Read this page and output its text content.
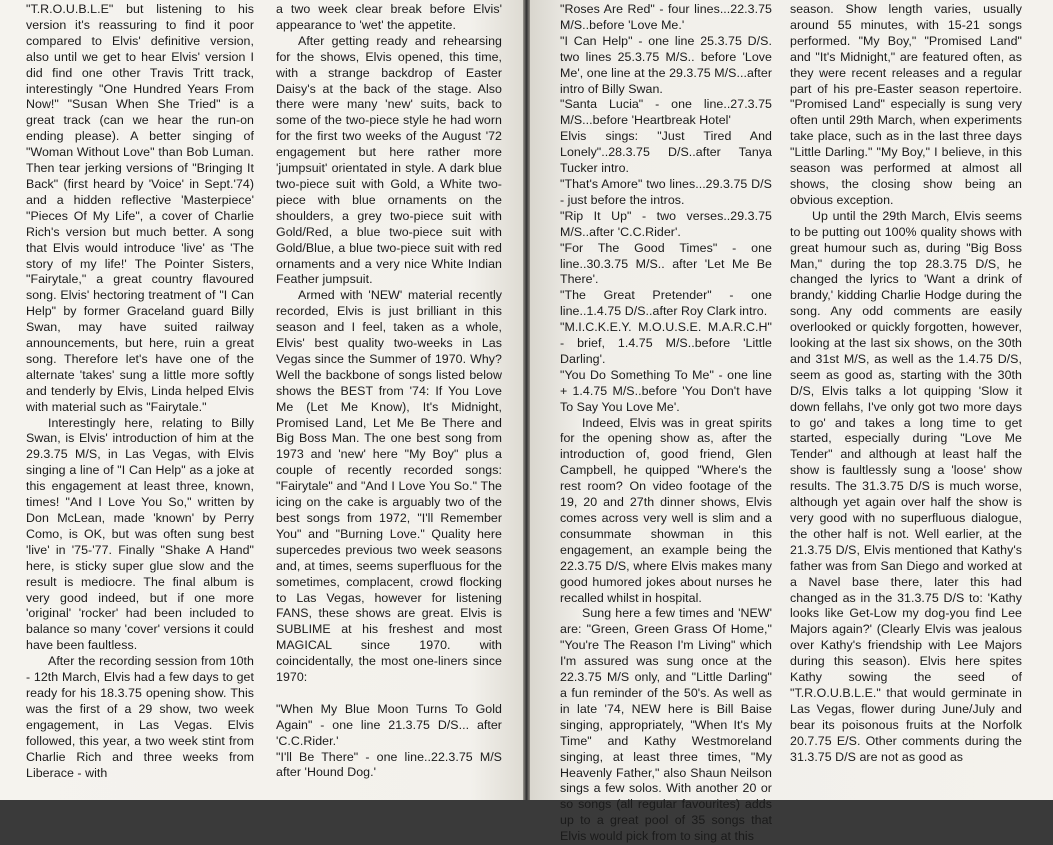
"T.R.O.U.B.L.E" but listening to his version it's reassuring to find it poor compared to Elvis' definitive version, also until we get to hear Elvis' version I did find one other Travis Tritt track, interestingly "One Hundred Years From Now!" "Susan When She Tried" is a great track (can we hear the run-on ending please). A better singing of "Woman Without Love" than Bob Luman. Then tear jerking versions of "Bringing It Back" (first heard by 'Voice' in Sept.'74) and a hidden reflective 'Masterpiece' "Pieces Of My Life", a cover of Charlie Rich's version but much better. A song that Elvis would introduce 'live' as 'The story of my life!' The Pointer Sisters, "Fairytale," a great country flavoured song. Elvis' hectoring treatment of "I Can Help" by former Graceland guard Billy Swan, may have suited railway announcements, but here, ruin a great song. Therefore let's have one of the alternate 'takes' sung a little more softly and tenderly by Elvis, Linda helped Elvis with material such as "Fairytale."

Interestingly here, relating to Billy Swan, is Elvis' introduction of him at the 29.3.75 M/S, in Las Vegas, with Elvis singing a line of "I Can Help" as a joke at this engagement at least three, known, times! "And I Love You So," written by Don McLean, made 'known' by Perry Como, is OK, but was often sung best 'live' in '75-'77. Finally "Shake A Hand" here, is sticky super glue slow and the result is mediocre. The final album is very good indeed, but if one more 'original' 'rocker' had been included to balance so many 'cover' versions it could have been faultless.

After the recording session from 10th - 12th March, Elvis had a few days to get ready for his 18.3.75 opening show. This was the first of a 29 show, two week engagement, in Las Vegas. Elvis followed, this year, a two week stint from Charlie Rich and three weeks from Liberace - with

a two week clear break before Elvis' appearance to 'wet' the appetite.

After getting ready and rehearsing for the shows, Elvis opened, this time, with a strange backdrop of Easter Daisy's at the back of the stage. Also there were many 'new' suits, back to some of the two-piece style he had worn for the first two weeks of the August '72 engagement but here rather more 'jumpsuit' orientated in style. A dark blue two-piece suit with Gold, a White two-piece with blue ornaments on the shoulders, a grey two-piece suit with Gold/Red, a blue two-piece suit with Gold/Blue, a blue two-piece suit with red ornaments and a very nice White Indian Feather jumpsuit.

Armed with 'NEW' material recently recorded, Elvis is just brilliant in this season and I feel, taken as a whole, Elvis' best quality two-weeks in Las Vegas since the Summer of 1970. Why? Well the backbone of songs listed below shows the BEST from '74: If You Love Me (Let Me Know), It's Midnight, Promised Land, Let Me Be There and Big Boss Man. The one best song from 1973 and 'new' here "My Boy" plus a couple of recently recorded songs: "Fairytale" and "And I Love You So." The icing on the cake is arguably two of the best songs from 1972, "I'll Remember You" and "Burning Love." Quality here supercedes previous two week seasons and, at times, seems superfluous for the sometimes, complacent, crowd flocking to Las Vegas, however for listening FANS, these shows are great. Elvis is SUBLIME at his freshest and most MAGICAL since 1970. with coincidentally, the most one-liners since 1970:

"When My Blue Moon Turns To Gold Again" - one line 21.3.75 D/S... after 'C.C.Rider.'

"I'll Be There" - one line..22.3.75 M/S after 'Hound Dog.'

"Roses Are Red" - four lines...22.3.75 M/S..before 'Love Me.'

"I Can Help" - one line 25.3.75 D/S. two lines 25.3.75 M/S.. before 'Love Me', one line at the 29.3.75 M/S...after intro of Billy Swan.

"Santa Lucia" - one line..27.3.75 M/S...before 'Heartbreak Hotel'

Elvis sings: "Just Tired And Lonely"..28.3.75 D/S..after Tanya Tucker intro.

"That's Amore" two lines...29.3.75 D/S - just before the intros.

"Rip It Up" - two verses..29.3.75 M/S..after 'C.C.Rider'.

"For The Good Times" - one line..30.3.75 M/S.. after 'Let Me Be There'.

"The Great Pretender" - one line..1.4.75 D/S..after Roy Clark intro.

"M.I.C.K.E.Y. M.O.U.S.E. M.A.R.C.H" - brief, 1.4.75 M/S..before 'Little Darling'.

"You Do Something To Me" - one line + 1.4.75 M/S..before 'You Don't have To Say You Love Me'.

Indeed, Elvis was in great spirits for the opening show as, after the introduction of, good friend, Glen Campbell, he quipped "Where's the rest room? On video footage of the 19, 20 and 27th dinner shows, Elvis comes across very well is slim and a consummate showman in this engagement, an example being the 22.3.75 D/S, where Elvis makes many good humored jokes about nurses he recalled whilst in hospital.

Sung here a few times and 'NEW' are: "Green, Green Grass Of Home," "You're The Reason I'm Living" which I'm assured was sung once at the 22.3.75 M/S only, and "Little Darling" a fun reminder of the 50's. As well as in late '74, NEW here is Bill Baise singing, appropriately, "When It's My Time" and Kathy Westmoreland singing, at least three times, "My Heavenly Father," also Shaun Neilson sings a few solos. With another 20 or so songs (all regular favourites) adds up to a great pool of 35 songs that Elvis would pick from to sing at this

season. Show length varies, usually around 55 minutes, with 15-21 songs performed. "My Boy," "Promised Land" and "It's Midnight," are featured often, as they were recent releases and a regular part of his pre-Easter season repertoire. "Promised Land" especially is sung very often until 29th March, when experiments take place, such as in the last three days "Little Darling." "My Boy," I believe, in this season was performed at almost all shows, the closing show being an obvious exception.

Up until the 29th March, Elvis seems to be putting out 100% quality shows with great humour such as, during "Big Boss Man," during the top 28.3.75 D/S, he changed the lyrics to 'Want a drink of brandy,' kidding Charlie Hodge during the song. Any odd comments are easily overlooked or quickly forgotten, however, looking at the last six shows, on the 30th and 31st M/S, as well as the 1.4.75 D/S, seem as good as, starting with the 30th D/S, Elvis talks a lot quipping 'Slow it down fellahs, I've only got two more days to go' and takes a long time to get started, especially during "Love Me Tender" and although at least half the show is faultlessly sung a 'loose' show results. The 31.3.75 D/S is much worse, although yet again over half the show is very good with no superfluous dialogue, the other half is not. Well earlier, at the 21.3.75 D/S, Elvis mentioned that Kathy's father was from San Diego and worked at a Navel base there, later this had changed as in the 31.3.75 D/S to: 'Kathy looks like Get-Low my dog-you find Lee Majors again?' (Clearly Elvis was jealous over Kathy's friendship with Lee Majors during this season). Elvis here spites Kathy sowing the seed of "T.R.O.U.B.L.E." that would germinate in Las Vegas, flower during June/July and bear its poisonous fruits at the Norfolk 20.7.75 E/S. Other comments during the 31.3.75 D/S are not as good as
